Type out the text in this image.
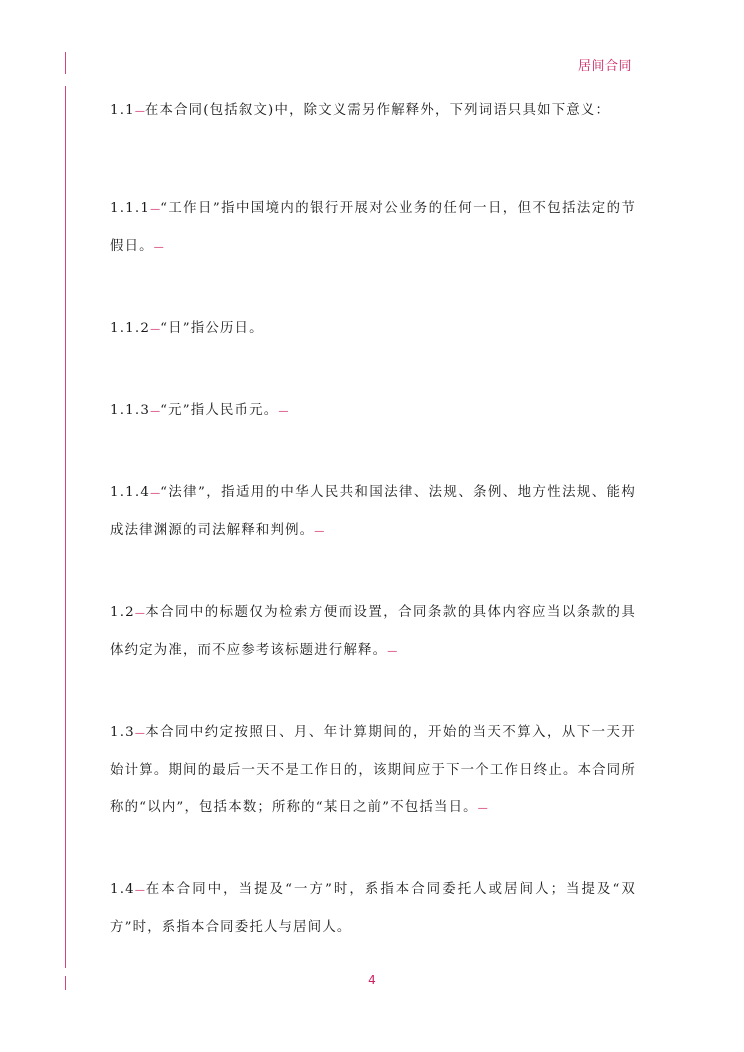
居间合同

1.1—在本合同(包括叙文)中，除文义需另作解释外，下列词语只具如下意义：

1.1.1—“工作日”指中国境内的银行开展对公业务的任何一日，但不包括法定的节假日。—

1.1.2—“日”指公历日。

1.1.3—“元”指人民币元。—

1.1.4—“法律”，指适用的中华人民共和国法律、法规、条例、地方性法规、能构成法律渊源的司法解释和判例。—

1.2—本合同中的标题仅为检索方便而设置，合同条款的具体内容应当以条款的具体约定为准，而不应参考该标题进行解释。—

1.3—本合同中约定按照日、月、年计算期间的，开始的当天不算入，从下一天开始计算。期间的最后一天不是工作日的，该期间应于下一个工作日终止。本合同所称的“以内”，包括本数；所称的“某日之前”不包括当日。—

1.4—在本合同中，当提及“一方”时，系指本合同委托人或居间人；当提及“双方”时，系指本合同委托人与居间人。

4
